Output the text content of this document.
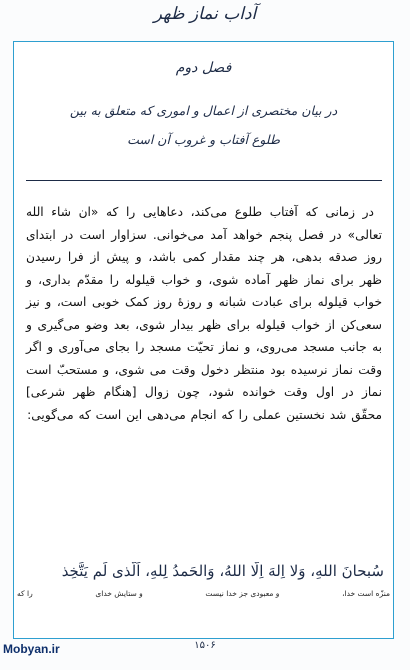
آداب نماز ظهر
فصل دوم
در بیان مختصری از اعمال و اموری که متعلق به بین
طلوع آفتاب و غروب آن است

در زمانی که آفتاب طلوع می‌کند، دعاهایی را که «ان شاء الله تعالی» در فصل پنجم خواهد آمد می‌خوانی. سزاوار است در ابتدای روز صدقه بدهی، هر چند مقدار کمی باشد، و پیش از فرا رسیدن ظهر برای نماز ظهر آماده شوی، و خواب قیلوله را مقدّم بداری، و خواب قیلوله برای عبادت شبانه و روزهٔ روز کمک خوبی است، و نیز سعی‌کن از خواب قیلوله برای ظهر بیدار شوی، بعد وضو می‌گیری و به جانب مسجد می‌روی، و نماز تحیّت مسجد را بجای می‌آوری و اگر وقت نماز نرسیده بود منتظر دخول وقت می شوی، و مستحبّ است نماز در اول وقت خوانده شود، چون زوال [هنگام ظهر شرعی] محقّق شد نخستین عملی را که انجام می‌دهی این است که می‌گویی:

سُبحانَ اللهِ، وَلا اِلهَ اِلّا اللهُ، وَالحَمدُ لِلهِ، اَلَّذی لَم یَتَّخِذ
منزّه است خدا،
و معبودی جز خدا نیست
و ستایش خدای
را که
۱۵۰۶
Mobyan.ir
